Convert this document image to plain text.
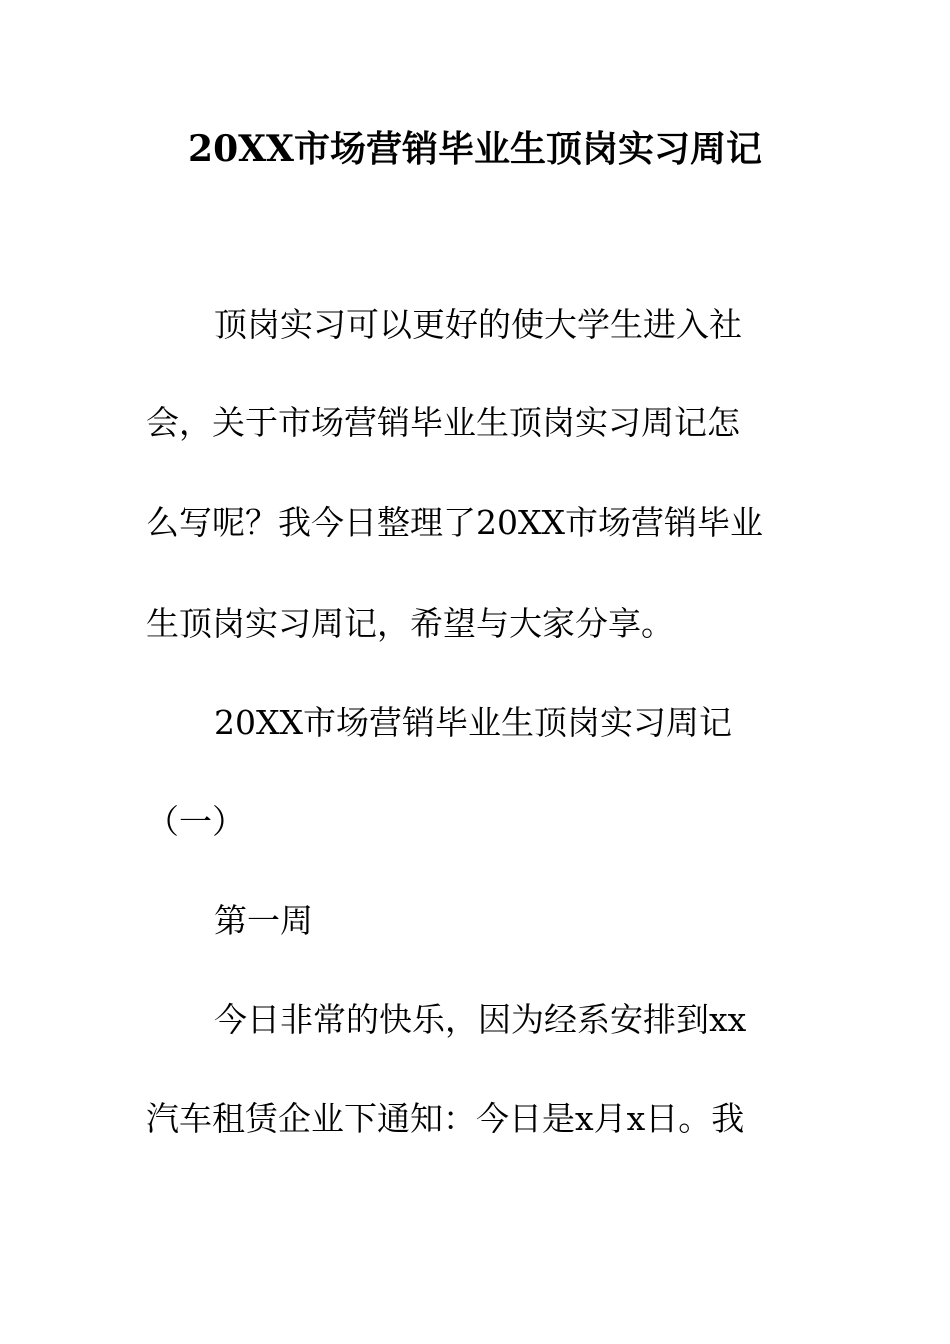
20XX市场营销毕业生顶岗实习周记
顶岗实习可以更好的使大学生进入社
会，关于市场营销毕业生顶岗实习周记怎
么写呢？我今日整理了20XX市场营销毕业
生顶岗实习周记，希望与大家分享。
20XX市场营销毕业生顶岗实习周记
（一）
第一周
今日非常的快乐，因为经系安排到xx
汽车租赁企业下通知：今日是x月x日。我
